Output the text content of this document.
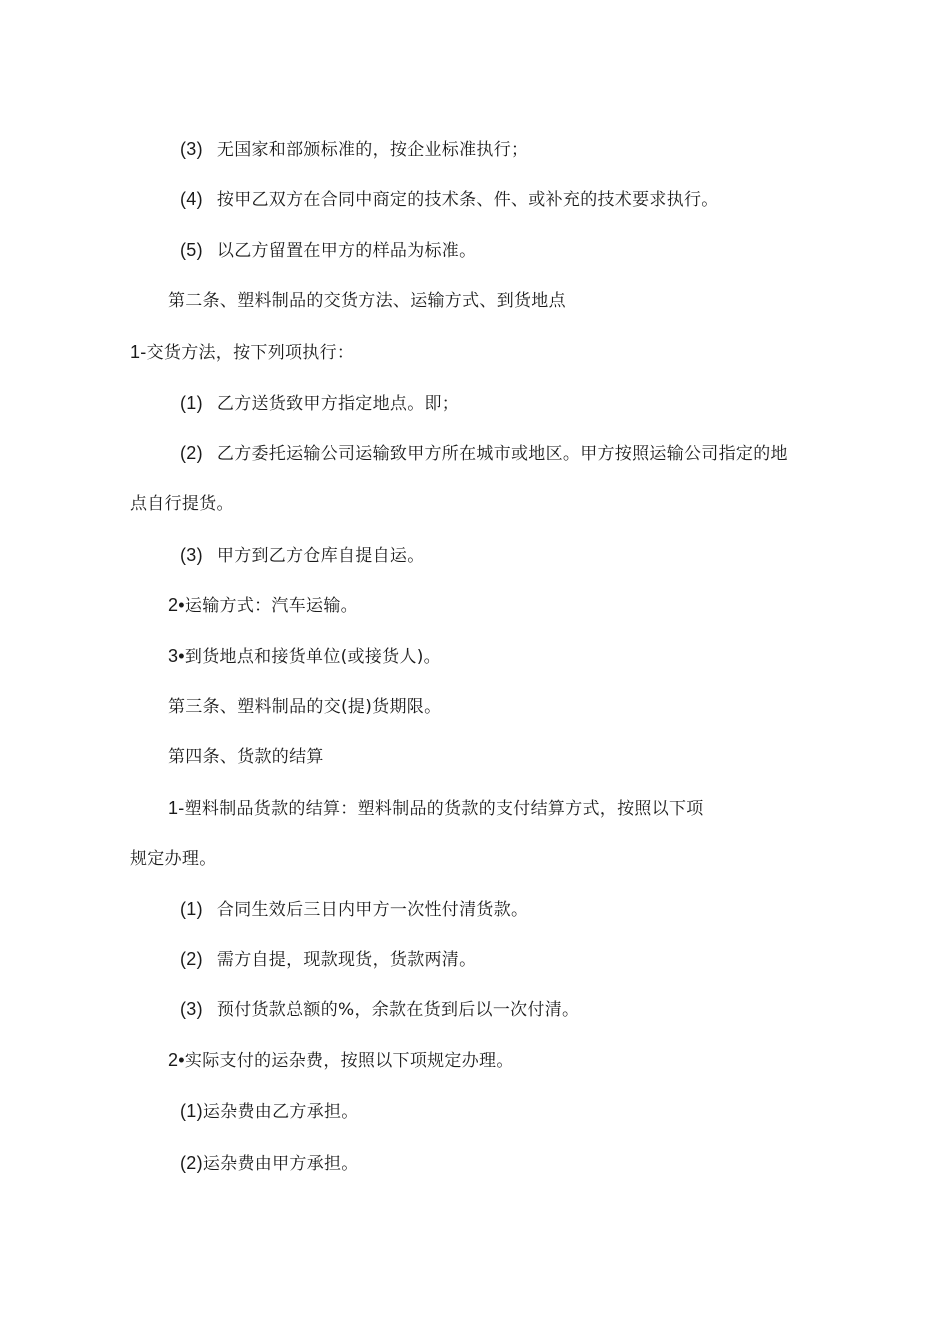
(3) 无国家和部颁标准的，按企业标准执行；
(4) 按甲乙双方在合同中商定的技术条、件、或补充的技术要求执行。
(5) 以乙方留置在甲方的样品为标准。
第二条、塑料制品的交货方法、运输方式、到货地点
1-交货方法，按下列项执行：
(1) 乙方送货致甲方指定地点。即；
(2) 乙方委托运输公司运输致甲方所在城市或地区。甲方按照运输公司指定的地
点自行提货。
(3) 甲方到乙方仓库自提自运。
2•运输方式：汽车运输。
3•到货地点和接货单位(或接货人)。
第三条、塑料制品的交(提)货期限。
第四条、货款的结算
1-塑料制品货款的结算：塑料制品的货款的支付结算方式，按照以下项
规定办理。
(1) 合同生效后三日内甲方一次性付清货款。
(2) 需方自提，现款现货，货款两清。
(3) 预付货款总额的%，余款在货到后以一次付清。
2•实际支付的运杂费，按照以下项规定办理。
(1)运杂费由乙方承担。
(2)运杂费由甲方承担。
